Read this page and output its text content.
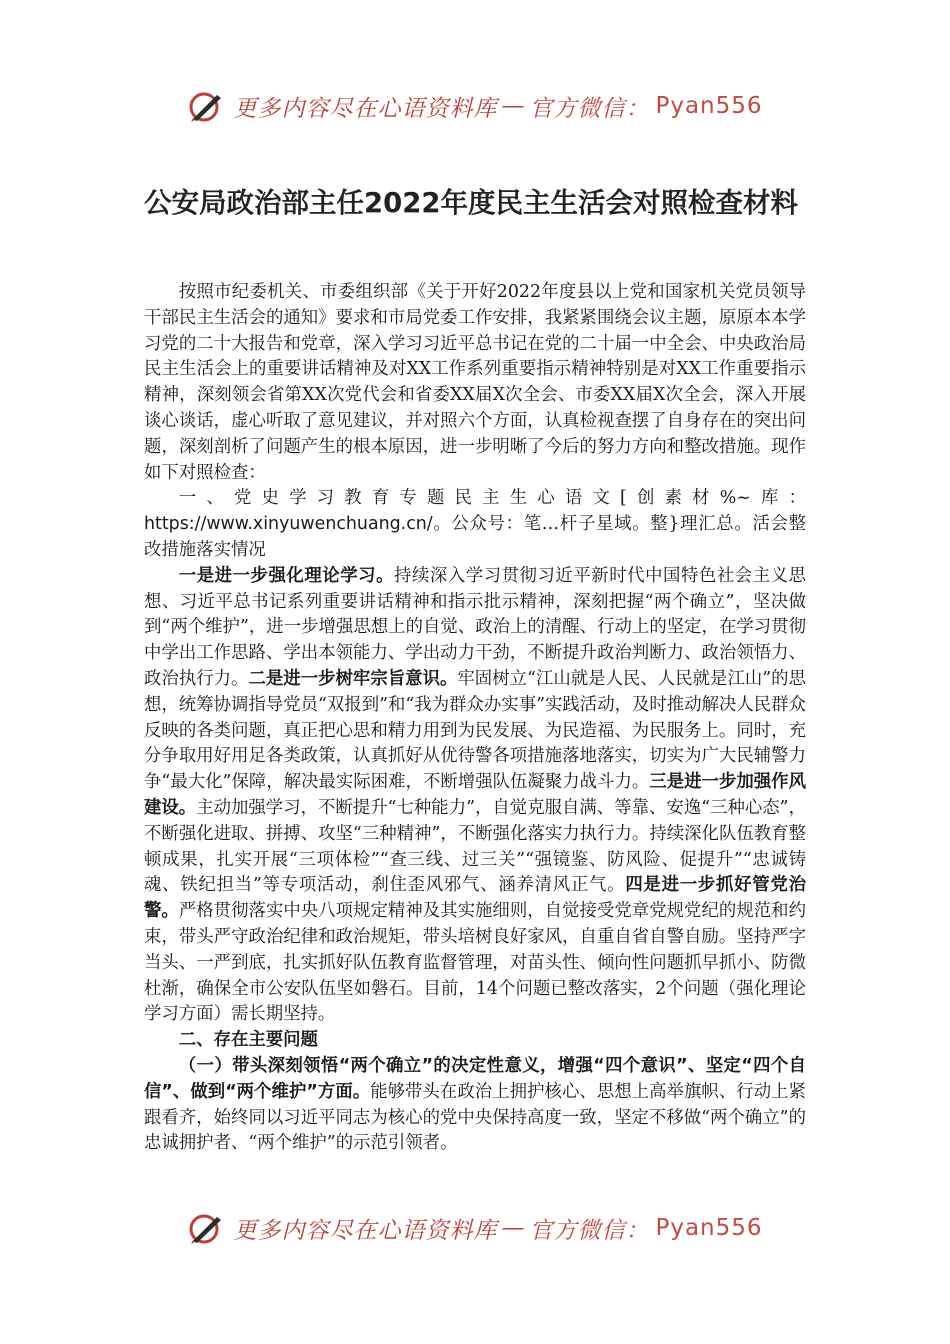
更多内容尽在心语资料库 — 官方微信： Pyan556
公安局政治部主任2022年度民主生活会对照检查材料

按照市纪委机关、市委组织部《关于开好2022年度县以上党和国家机关党员领导干部民主生活会的通知》要求和市局党委工作安排，我紧紧围绕会议主题，原原本本学习党的二十大报告和党章，深入学习习近平总书记在党的二十届一中全会、中央政治局民主生活会上的重要讲话精神及对XX工作系列重要指示精神特别是对XX工作重要指示精神，深刻领会省第XX次党代会和省委XX届X次全会、市委XX届X次全会，深入开展谈心谈话，虚心听取了意见建议，并对照六个方面，认真检视查摆了自身存在的突出问题，深刻剖析了问题产生的根本原因，进一步明晰了今后的努力方向和整改措施。现作如下对照检查：

一、党史学习教育专题民主生心语文[创素材%~库：https://www.xinyuwenchuang.cn/。公众号：笔…杆子星域。整}理汇总。活会整改措施落实情况

一是进一步强化理论学习。持续深入学习贯彻习近平新时代中国特色社会主义思想、习近平总书记系列重要讲话精神和指示批示精神，深刻把握“两个确立”，坚决做到“两个维护”，进一步增强思想上的自觉、政治上的清醒、行动上的坚定，在学习贯彻中学出工作思路、学出本领能力、学出动力干劲，不断提升政治判断力、政治领悟力、政治执行力。二是进一步树牢宗旨意识。牢固树立“江山就是人民、人民就是江山”的思想，统筹协调指导党员“双报到”和“我为群众办实事”实践活动，及时推动解决人民群众反映的各类问题，真正把心思和精力用到为民发展、为民造福、为民服务上。同时，充分争取用好用足各类政策，认真抓好从优待警各项措施落地落实，切实为广大民辅警力争“最大化”保障，解决最实际困难，不断增强队伍凝聚力战斗力。三是进一步加强作风建设。主动加强学习，不断提升“七种能力”，自觉克服自满、等靠、安逸“三种心态”，不断强化进取、拼搏、攻坚“三种精神”，不断强化落实力执行力。持续深化队伍教育整顿成果，扎实开展“三项体检”“查三线、过三关”“强镜鉴、防风险、促提升”“忠诚铸魂、铁纪担当”等专项活动，刹住歪风邪气、涵养清风正气。四是进一步抓好管党治警。严格贯彻落实中央八项规定精神及其实施细则，自觉接受党章党规党纪的规范和约束，带头严守政治纪律和政治规矩，带头培树良好家风，自重自省自警自励。坚持严字当头、一严到底，扎实抓好队伍教育监督管理，对苗头性、倾向性问题抓早抓小、防微杜渐，确保全市公安队伍坚如磐石。目前，14个问题已整改落实，2个问题（强化理论学习方面）需长期坚持。

二、存在主要问题

（一）带头深刻领悟“两个确立”的决定性意义，增强“四个意识”、坚定“四个自信”、做到“两个维护”方面。能够带头在政治上拥护核心、思想上高举旗帜、行动上紧跟看齐，始终同以习近平同志为核心的党中央保持高度一致，坚定不移做“两个确立”的忠诚拥护者、“两个维护”的示范引领者。

更多内容尽在心语资料库 — 官方微信： Pyan556
